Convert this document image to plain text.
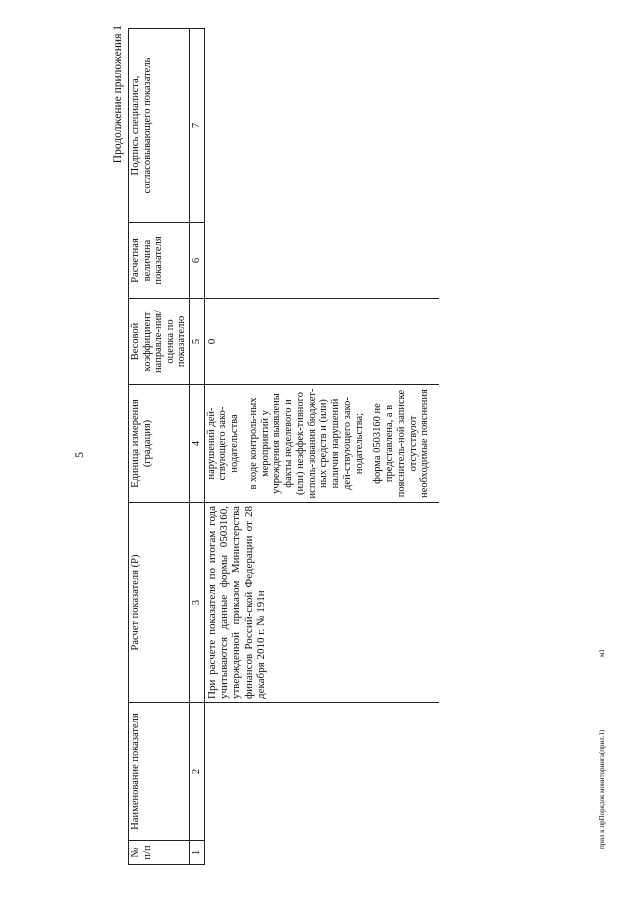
5
Продолжение приложения 1
№ п/п	Наименование показателя	Расчет показателя (P)	Единица измерения (градация)	Весовой коэффициент направле-ния/оценка по показателю	Расчетная величина показателя	Подпись специалиста, согласовывающего показатель
1	2	3	4	5	6	7
		При расчете показателя по итогам года учитываются данные формы 0503160, утвержденной приказом Министерства финансов Россий-ской Федерации от 28 декабря 2010 г. № 191н	нарушений дей-ствующего зако-нодательства в ходе контроль-ных мероприятий у учреждения выявлены факты неделевого и (или) неэффек-тивного исполь-зования бюджет-ных средств и (или) наличия нарушений дей-ствующего зако-нодательства; форма 0503160 не представлена, а в пояснитель-ной записке отсутствуют необходимые пояснения	0		
прил к прПорядок мониторинга(прил.1)
м1
